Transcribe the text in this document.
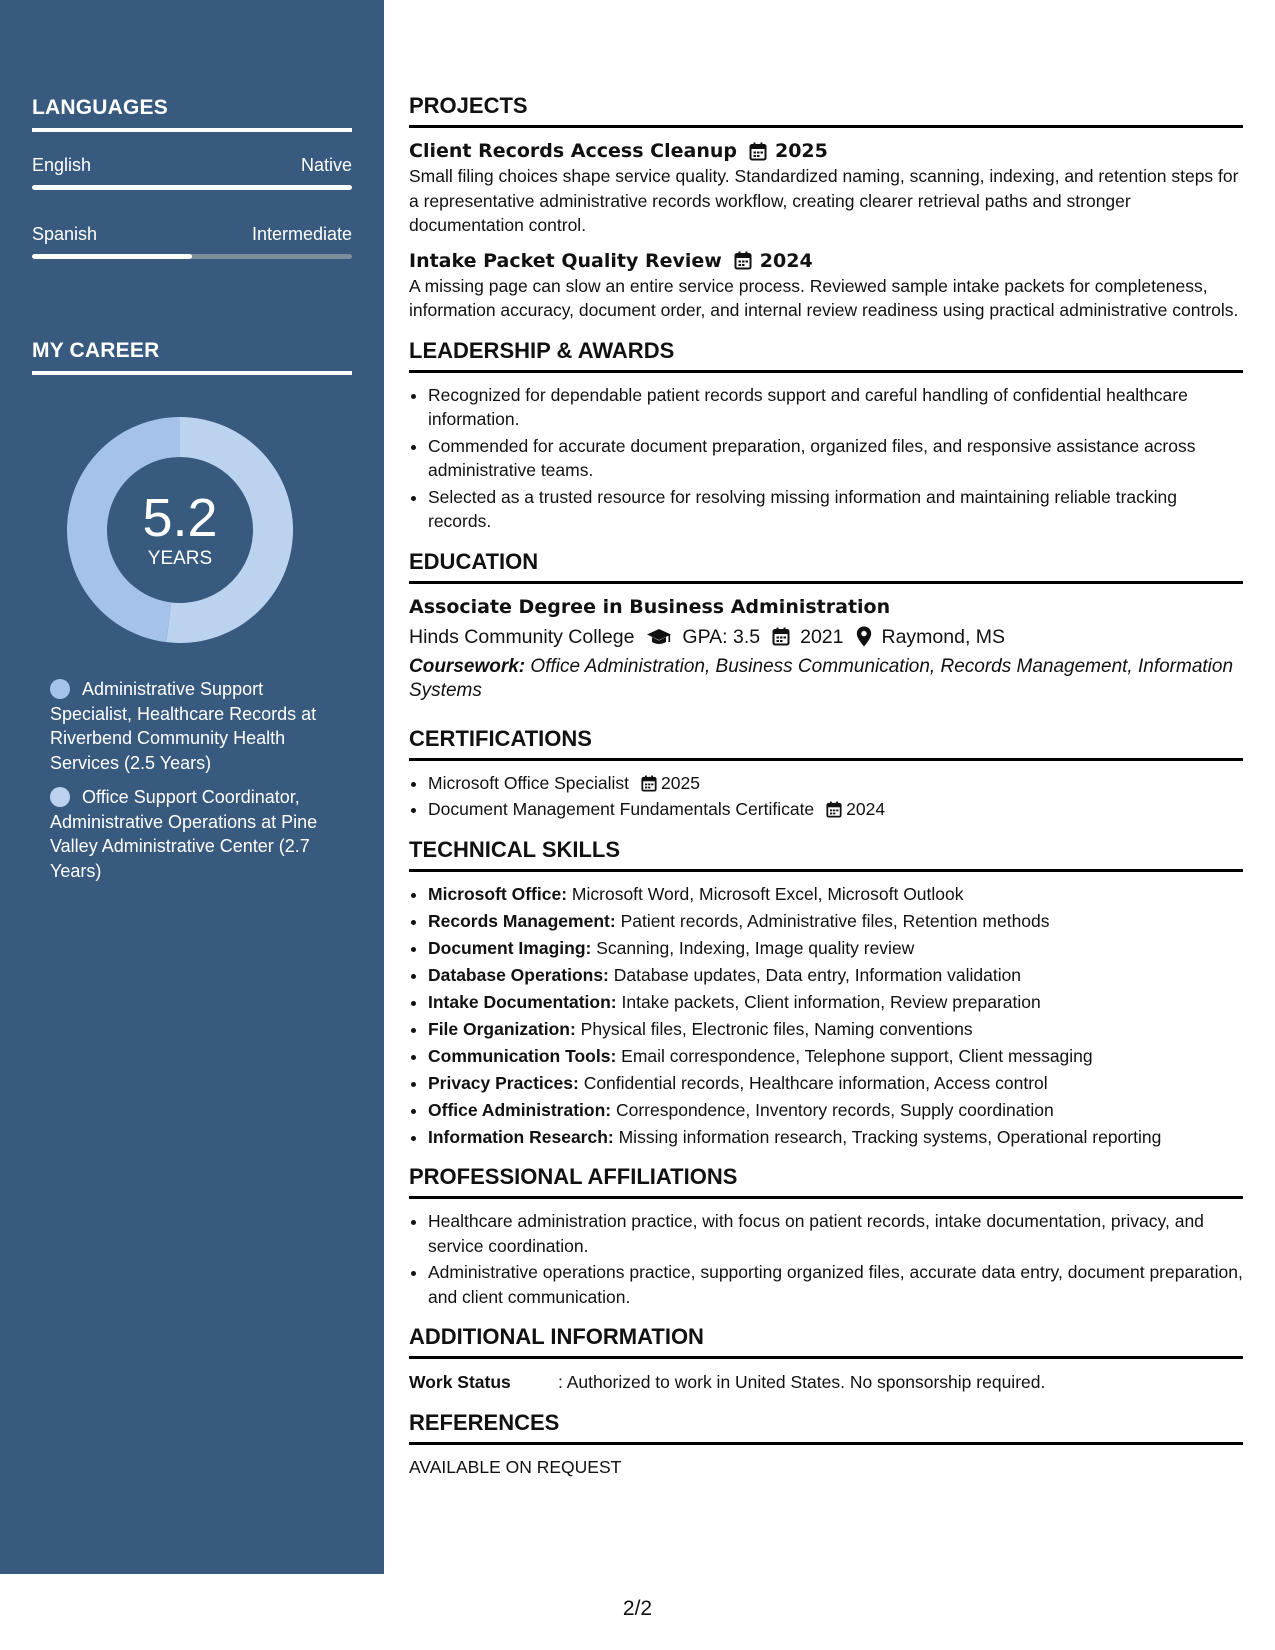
LANGUAGES
English	Native
Spanish	Intermediate
MY CAREER
5.2
YEARS
Administrative Support Specialist, Healthcare Records at Riverbend Community Health Services (2.5 Years)
Office Support Coordinator, Administrative Operations at Pine Valley Administrative Center (2.7 Years)
PROJECTS
Client Records Access Cleanup 2025
Small filing choices shape service quality. Standardized naming, scanning, indexing, and retention steps for a representative administrative records workflow, creating clearer retrieval paths and stronger documentation control.
Intake Packet Quality Review 2024
A missing page can slow an entire service process. Reviewed sample intake packets for completeness, information accuracy, document order, and internal review readiness using practical administrative controls.
LEADERSHIP & AWARDS
• Recognized for dependable patient records support and careful handling of confidential healthcare information.
• Commended for accurate document preparation, organized files, and responsive assistance across administrative teams.
• Selected as a trusted resource for resolving missing information and maintaining reliable tracking records.
EDUCATION
Associate Degree in Business Administration
Hinds Community College GPA: 3.5 2021 Raymond, MS
Coursework: Office Administration, Business Communication, Records Management, Information Systems
CERTIFICATIONS
• Microsoft Office Specialist 2025
• Document Management Fundamentals Certificate 2024
TECHNICAL SKILLS
• Microsoft Office: Microsoft Word, Microsoft Excel, Microsoft Outlook
• Records Management: Patient records, Administrative files, Retention methods
• Document Imaging: Scanning, Indexing, Image quality review
• Database Operations: Database updates, Data entry, Information validation
• Intake Documentation: Intake packets, Client information, Review preparation
• File Organization: Physical files, Electronic files, Naming conventions
• Communication Tools: Email correspondence, Telephone support, Client messaging
• Privacy Practices: Confidential records, Healthcare information, Access control
• Office Administration: Correspondence, Inventory records, Supply coordination
• Information Research: Missing information research, Tracking systems, Operational reporting
PROFESSIONAL AFFILIATIONS
• Healthcare administration practice, with focus on patient records, intake documentation, privacy, and service coordination.
• Administrative operations practice, supporting organized files, accurate data entry, document preparation, and client communication.
ADDITIONAL INFORMATION
Work Status	: Authorized to work in United States. No sponsorship required.
REFERENCES
AVAILABLE ON REQUEST
2/2
